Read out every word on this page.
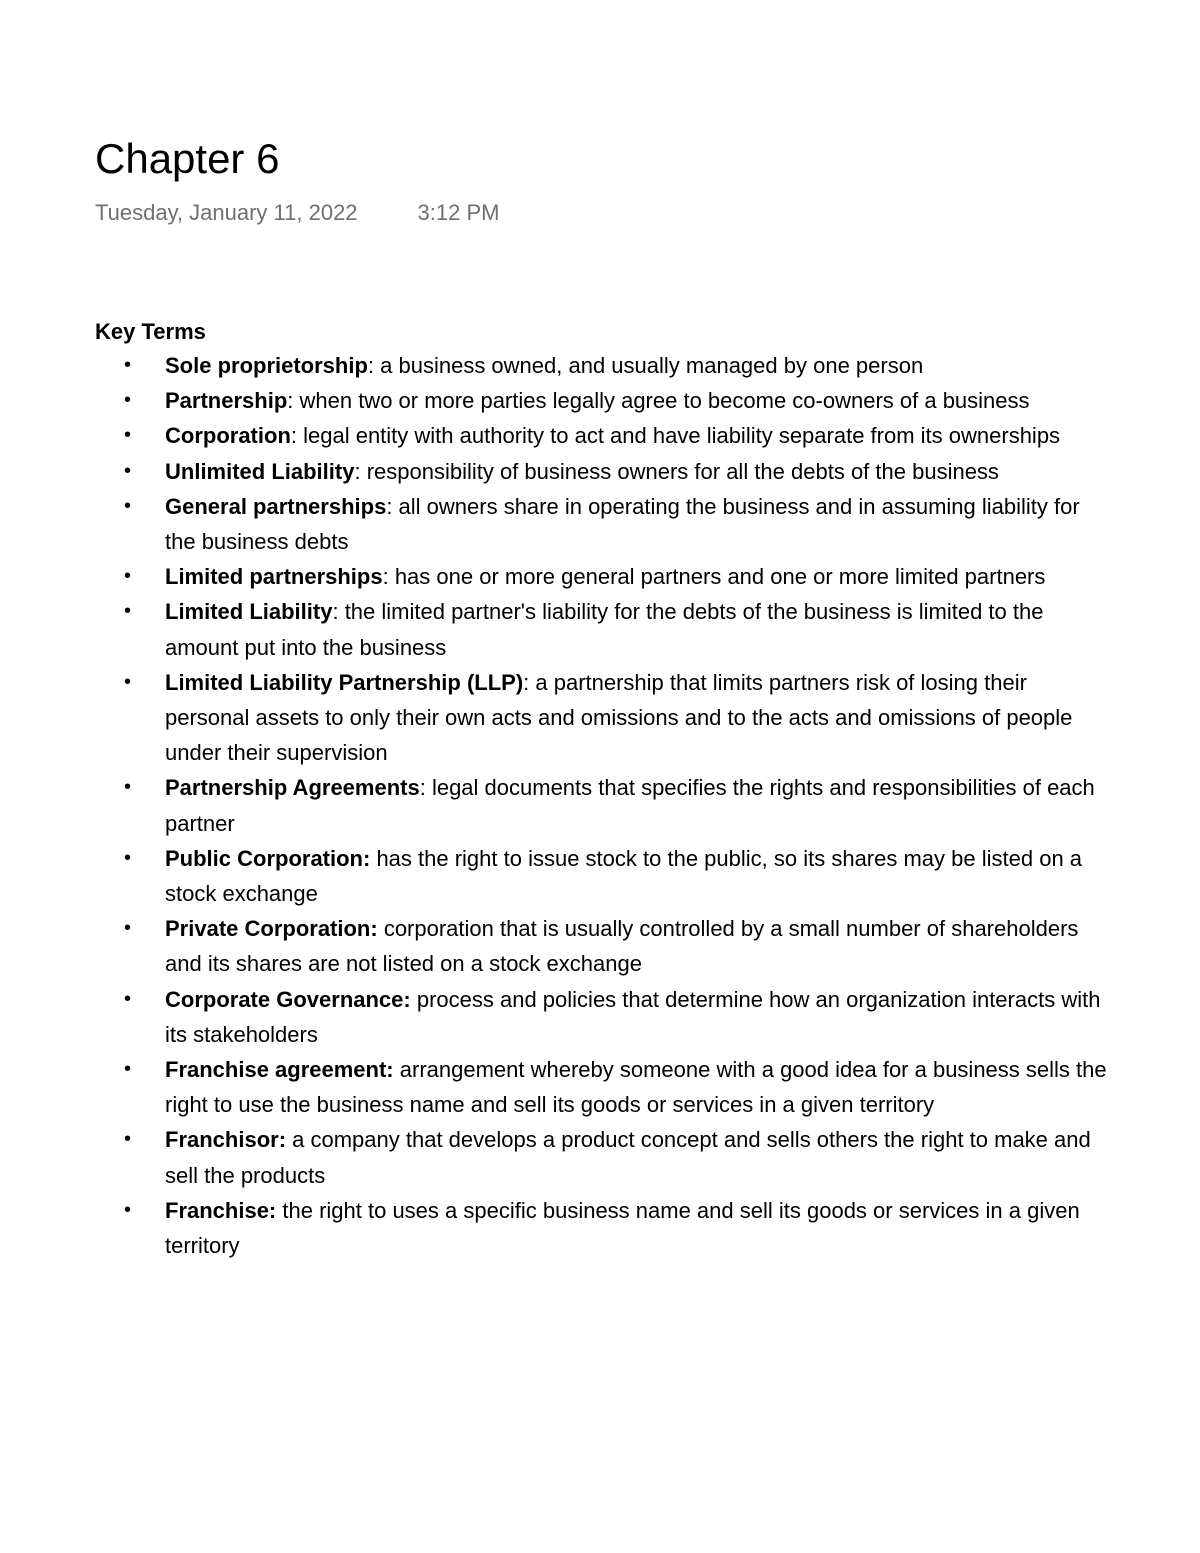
Chapter 6
Tuesday, January 11, 2022	3:12 PM
Key Terms
• Sole proprietorship: a business owned, and usually managed by one person
• Partnership: when two or more parties legally agree to become co-owners of a business
• Corporation: legal entity with authority to act and have liability separate from its ownerships
• Unlimited Liability: responsibility of business owners for all the debts of the business
• General partnerships: all owners share in operating the business and in assuming liability for the business debts
• Limited partnerships: has one or more general partners and one or more limited partners
• Limited Liability: the limited partner's liability for the debts of the business is limited to the amount put into the business
• Limited Liability Partnership (LLP): a partnership that limits partners risk of losing their personal assets to only their own acts and omissions and to the acts and omissions of people under their supervision
• Partnership Agreements: legal documents that specifies the rights and responsibilities of each partner
• Public Corporation: has the right to issue stock to the public, so its shares may be listed on a stock exchange
• Private Corporation: corporation that is usually controlled by a small number of shareholders and its shares are not listed on a stock exchange
• Corporate Governance: process and policies that determine how an organization interacts with its stakeholders
• Franchise agreement: arrangement whereby someone with a good idea for a business sells the right to use the business name and sell its goods or services in a given territory
• Franchisor: a company that develops a product concept and sells others the right to make and sell the products
• Franchise: the right to uses a specific business name and sell its goods or services in a given territory
